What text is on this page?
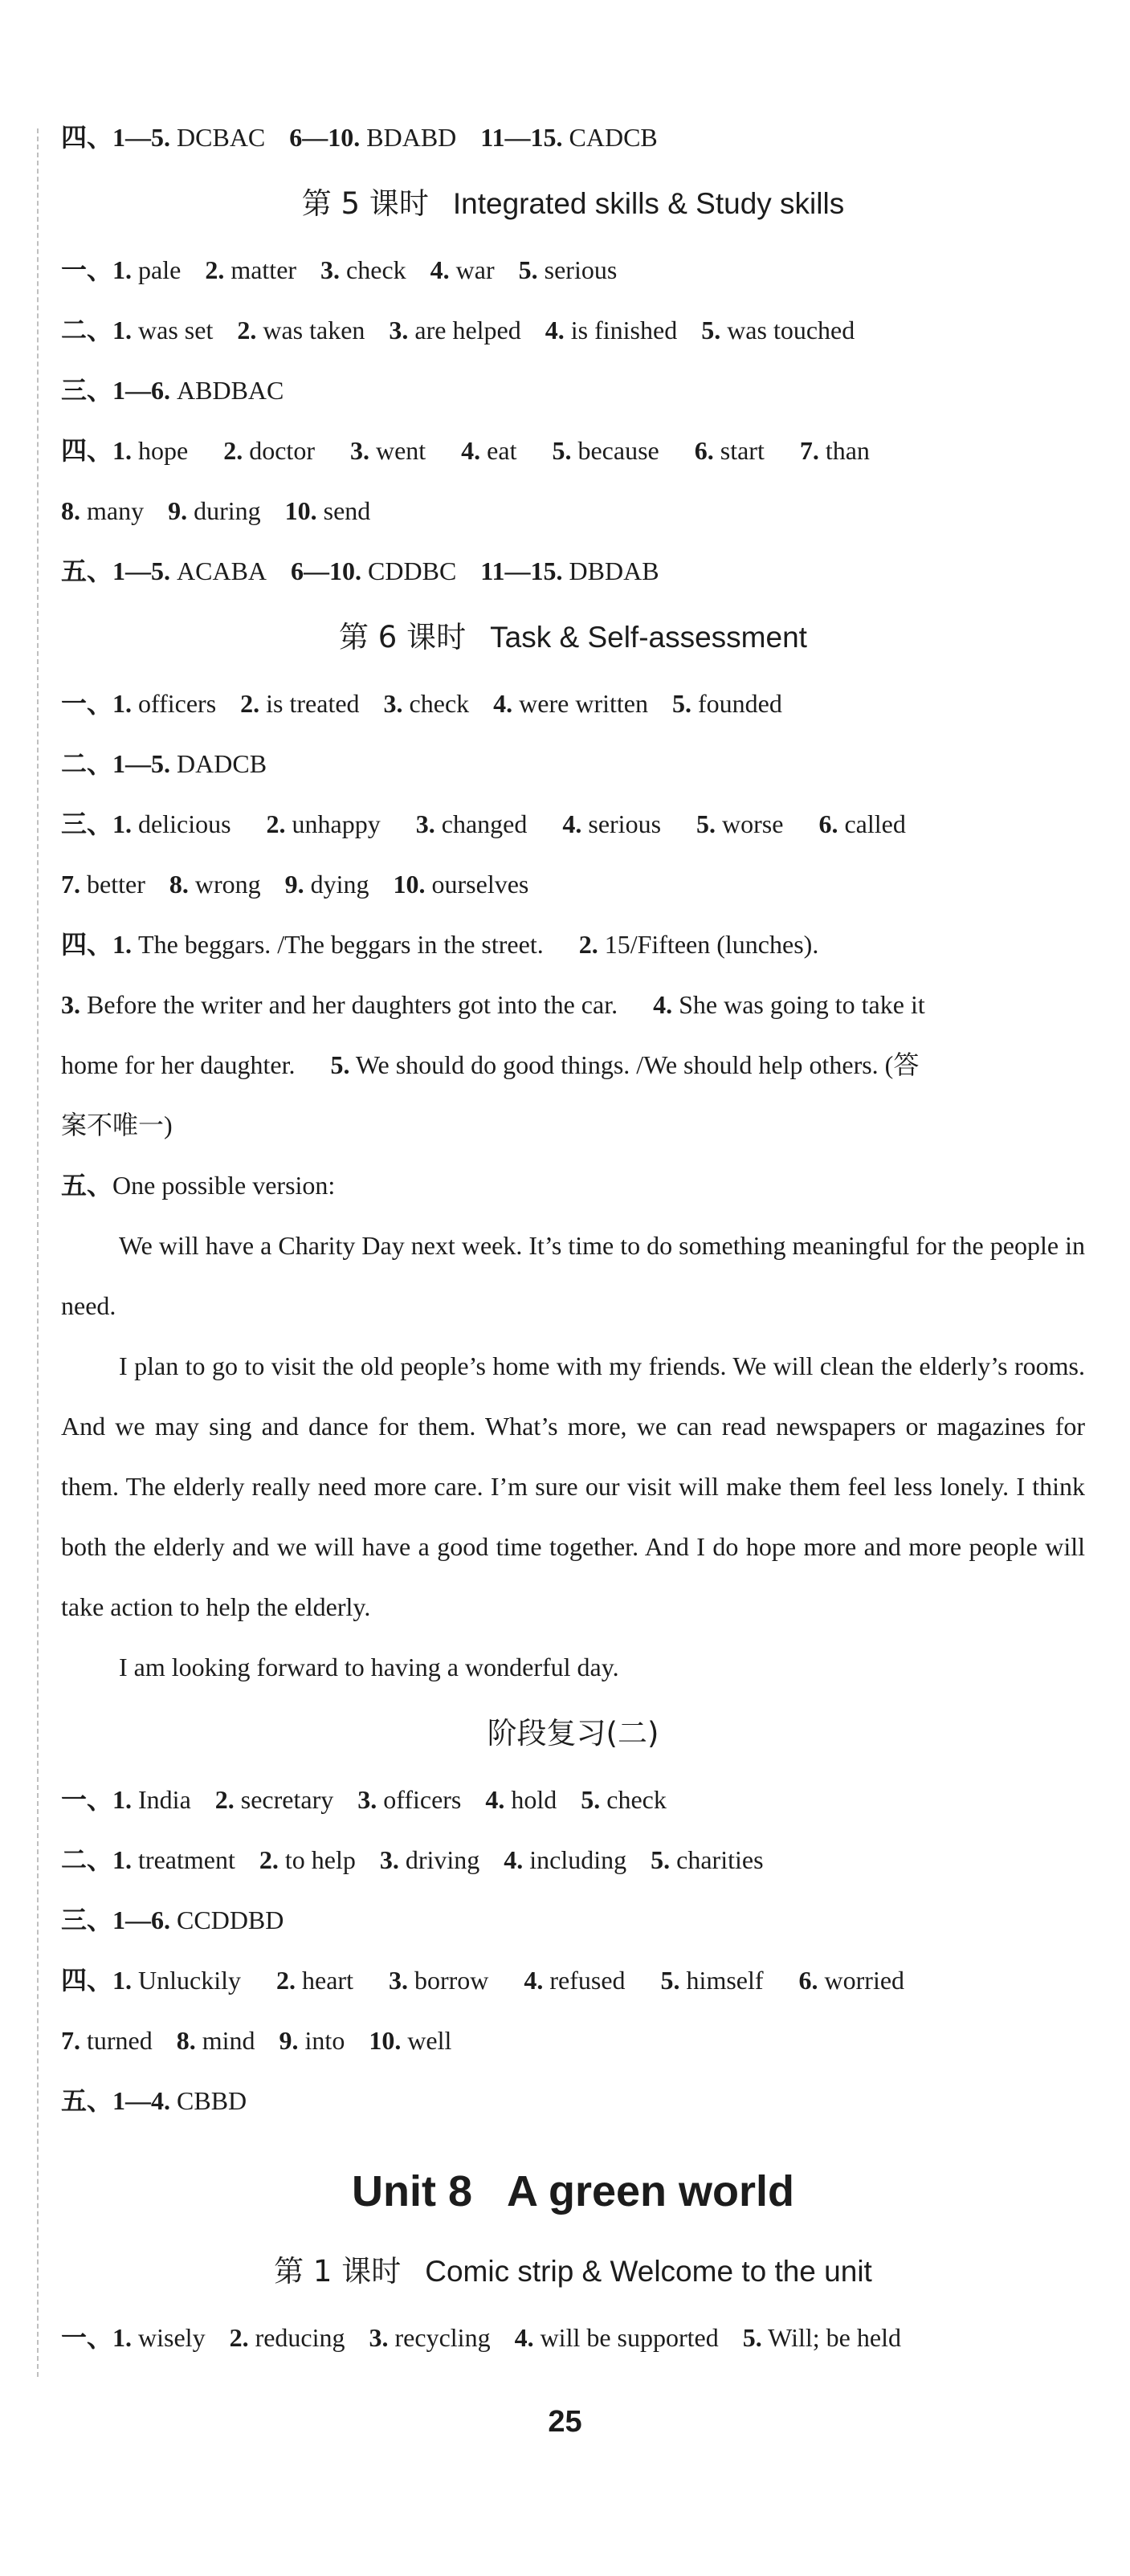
四、1—5. DCBAC 6—10. BDABD 11—15. CADCB
第 5 课时 Integrated skills & Study skills
一、1. pale 2. matter 3. check 4. war 5. serious
二、1. was set 2. was taken 3. are helped 4. is finished 5. was touched
三、1—6. ABDBAC
四、1. hope 2. doctor 3. went 4. eat 5. because 6. start 7. than
8. many 9. during 10. send
五、1—5. ACABA 6—10. CDDBC 11—15. DBDAB
第 6 课时 Task & Self-assessment
一、1. officers 2. is treated 3. check 4. were written 5. founded
二、1—5. DADCB
三、1. delicious 2. unhappy 3. changed 4. serious 5. worse 6. called
7. better 8. wrong 9. dying 10. ourselves
四、1. The beggars. /The beggars in the street. 2. 15/Fifteen (lunches).
3. Before the writer and her daughters got into the car. 4. She was going to take it
home for her daughter. 5. We should do good things. /We should help others. (答
案不唯一)
五、One possible version:
We will have a Charity Day next week. It’s time to do something meaningful for the people in need.
I plan to go to visit the old people’s home with my friends. We will clean the elderly’s rooms. And we may sing and dance for them. What’s more, we can read newspapers or magazines for them. The elderly really need more care. I’m sure our visit will make them feel less lonely. I think both the elderly and we will have a good time together. And I do hope more and more people will take action to help the elderly.
I am looking forward to having a wonderful day.
阶段复习(二)
一、1. India 2. secretary 3. officers 4. hold 5. check
二、1. treatment 2. to help 3. driving 4. including 5. charities
三、1—6. CCDDBD
四、1. Unluckily 2. heart 3. borrow 4. refused 5. himself 6. worried
7. turned 8. mind 9. into 10. well
五、1—4. CBBD
Unit 8   A green world
第 1 课时 Comic strip & Welcome to the unit
一、1. wisely 2. reducing 3. recycling 4. will be supported 5. Will; be held
25
